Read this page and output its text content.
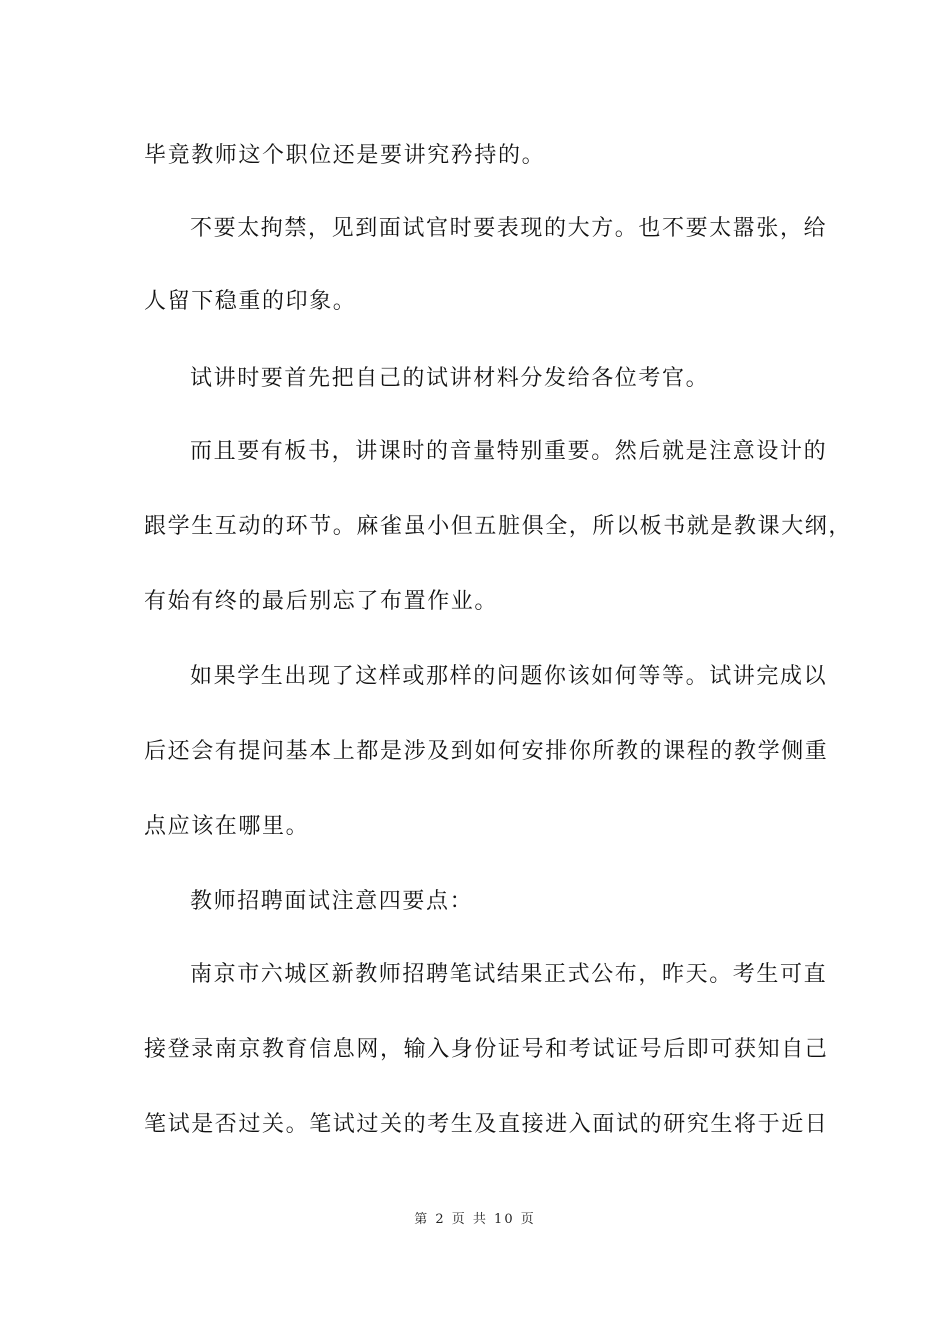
毕竟教师这个职位还是要讲究矜持的。
不要太拘禁，见到面试官时要表现的大方。也不要太嚣张，给
人留下稳重的印象。
试讲时要首先把自己的试讲材料分发给各位考官。
而且要有板书，讲课时的音量特别重要。然后就是注意设计的
跟学生互动的环节。麻雀虽小但五脏俱全，所以板书就是教课大纲，
有始有终的最后别忘了布置作业。
如果学生出现了这样或那样的问题你该如何等等。试讲完成以
后还会有提问基本上都是涉及到如何安排你所教的课程的教学侧重
点应该在哪里。
教师招聘面试注意四要点：
南京市六城区新教师招聘笔试结果正式公布，昨天。考生可直
接登录南京教育信息网，输入身份证号和考试证号后即可获知自己
笔试是否过关。笔试过关的考生及直接进入面试的研究生将于近日
第 2 页 共 10 页
